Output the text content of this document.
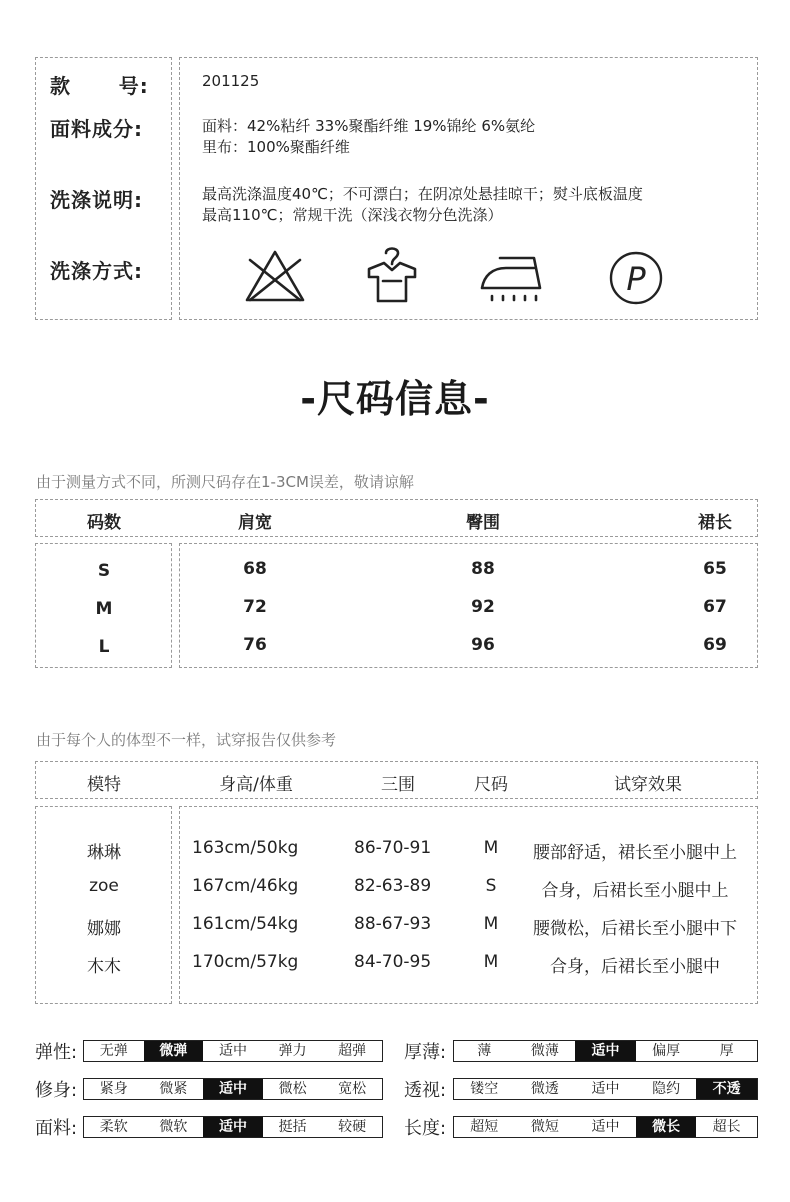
款      号:	201125
面料成分:	面料：42%粘纤 33%聚酯纤维 19%锦纶 6%氨纶
里布：100%聚酯纤维
洗涤说明:	最高洗涤温度40℃；不可漂白；在阴凉处悬挂晾干；熨斗底板温度
最高110℃；常规干洗（深浅衣物分色洗涤）
洗涤方式:	P
-尺码信息-
由于测量方式不同，所测尺码存在1-3CM误差，敬请谅解
码数	肩宽	臀围	裙长
S	68	88	65
M	72	92	67
L	76	96	69
由于每个人的体型不一样，试穿报告仅供参考
模特	身高/体重	三围	尺码	试穿效果
琳琳	163cm/50kg	86-70-91	M	腰部舒适，裙长至小腿中上
zoe	167cm/46kg	82-63-89	S	合身，后裙长至小腿中上
娜娜	161cm/54kg	88-67-93	M	腰微松，后裙长至小腿中下
木木	170cm/57kg	84-70-95	M	合身，后裙长至小腿中
弹性:	无弹	微弹	适中	弹力	超弹	厚薄:	薄	微薄	适中	偏厚	厚
修身:	紧身	微紧	适中	微松	宽松	透视:	镂空	微透	适中	隐约	不透
面料:	柔软	微软	适中	挺括	较硬	长度:	超短	微短	适中	微长	超长
